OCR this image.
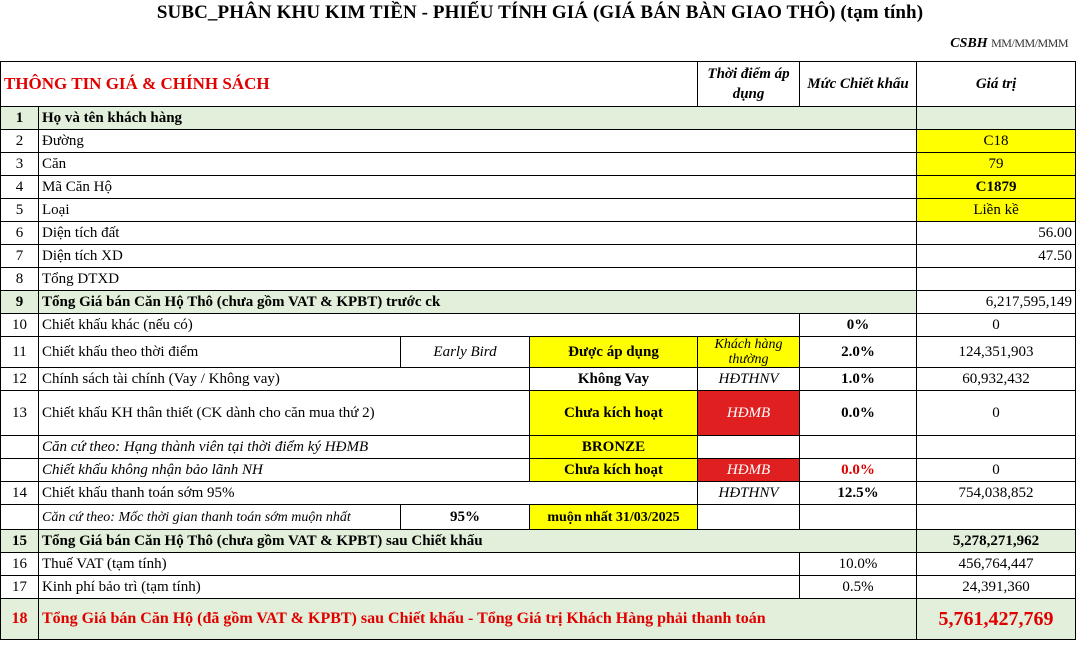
SUBC_PHÂN KHU KIM TIỀN - PHIẾU TÍNH GIÁ (GIÁ BÁN BÀN GIAO THÔ) (tạm tính)
CSBH MM/MM/MMM
THÔNG TIN GIÁ & CHÍNH SÁCH				Thời điểm áp dụng	Mức Chiết khấu	Giá trị
1	Họ và tên khách hàng					
2	Đường					C18
3	Căn					79
4	Mã Căn Hộ					C1879
5	Loại					Liền kề
6	Diện tích đất					56.00
7	Diện tích XD					47.50
8	Tổng DTXD					
9	Tổng Giá bán Căn Hộ Thô (chưa gồm VAT & KPBT) trước ck					6,217,595,149
10	Chiết khấu khác (nếu có)				0%	0
11	Chiết khấu theo thời điểm	Early Bird	Được áp dụng	Khách hàng thường	2.0%	124,351,903
12	Chính sách tài chính (Vay / Không vay)		Không Vay	HĐTHNV	1.0%	60,932,432
13	Chiết khấu KH thân thiết (CK dành cho căn mua thứ 2)		Chưa kích hoạt	HĐMB	0.0%	0
	Căn cứ theo: Hạng thành viên tại thời điểm ký HĐMB		BRONZE			
	Chiết khấu không nhận bảo lãnh NH		Chưa kích hoạt	HĐMB	0.0%	0
14	Chiết khấu thanh toán sớm 95%			HĐTHNV	12.5%	754,038,852
	Căn cứ theo: Mốc thời gian thanh toán sớm muộn nhất	95%	muộn nhất 31/03/2025			
15	Tổng Giá bán Căn Hộ Thô (chưa gồm VAT & KPBT) sau Chiết khấu					5,278,271,962
16	Thuế VAT (tạm tính)				10.0%	456,764,447
17	Kinh phí bảo trì (tạm tính)				0.5%	24,391,360
18	Tổng Giá bán Căn Hộ (đã gồm VAT & KPBT) sau Chiết khấu - Tổng Giá trị Khách Hàng phải thanh toán					5,761,427,769
